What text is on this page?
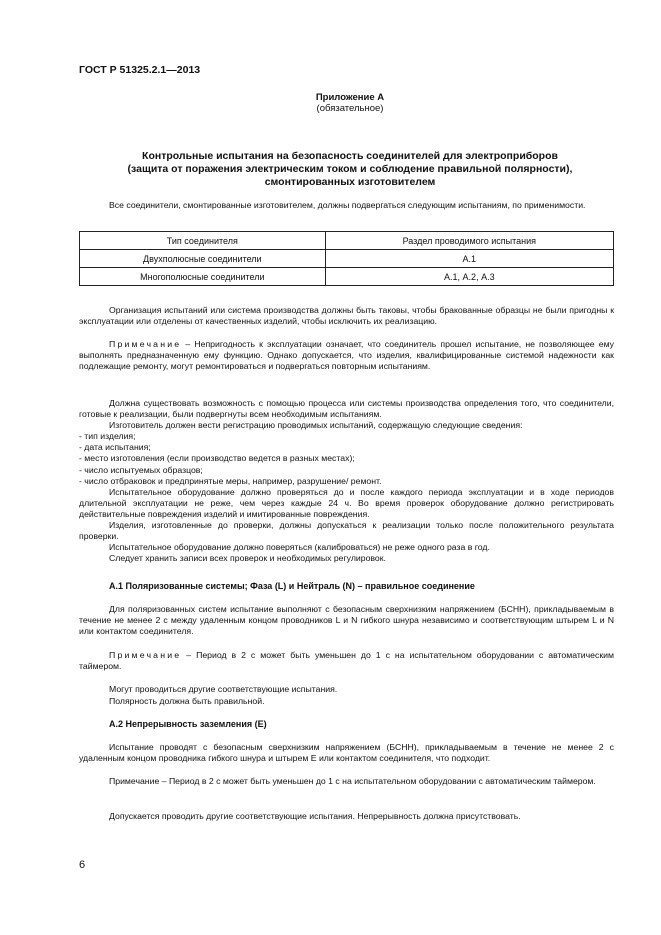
ГОСТ Р 51325.2.1—2013
Приложение А
(обязательное)
Контрольные испытания на безопасность соединителей для электроприборов
(защита от поражения электрическим током и соблюдение правильной полярности),
смонтированных изготовителем
Все соединители, смонтированные изготовителем, должны подвергаться следующим испытаниям, по применимости.
Тип соединителя	Раздел проводимого испытания
Двухполюсные соединители	А.1
Многополюсные соединители	А.1, А.2, А.3
Организация испытаний или система производства должны быть таковы, чтобы бракованные образцы не были пригодны к эксплуатации или отделены от качественных изделий, чтобы исключить их реализацию.
Примечание – Непригодность к эксплуатации означает, что соединитель прошел испытание, не позволяющее ему выполнять предназначенную ему функцию. Однако допускается, что изделия, квалифицированные системой надежности как подлежащие ремонту, могут ремонтироваться и подвергаться повторным испытаниям.
Должна существовать возможность с помощью процесса или системы производства определения того, что соединители, готовые к реализации, были подвергнуты всем необходимым испытаниям.
Изготовитель должен вести регистрацию проводимых испытаний, содержащую следующие сведения:
- тип изделия;
- дата испытания;
- место изготовления (если производство ведется в разных местах);
- число испытуемых образцов;
- число отбраковок и предпринятые меры, например, разрушение/ ремонт.
Испытательное оборудование должно проверяться до и после каждого периода эксплуатации и в ходе периодов длительной эксплуатации не реже, чем через каждые 24 ч. Во время проверок оборудование должно регистрировать действительные повреждения изделий и имитированные повреждения.
Изделия, изготовленные до проверки, должны допускаться к реализации только после положительного результата проверки.
Испытательное оборудование должно поверяться (калиброваться) не реже одного раза в год.
Следует хранить записи всех проверок и необходимых регулировок.
А.1 Поляризованные системы; Фаза (L) и Нейтраль (N) – правильное соединение
Для поляризованных систем испытание выполняют с безопасным сверхнизким напряжением (БСНН), прикладываемым в течение не менее 2 с между удаленным концом проводников L и N гибкого шнура независимо и соответствующим штырем L и N или контактом соединителя.
Примечание – Период в 2 с может быть уменьшен до 1 с на испытательном оборудовании с автоматическим таймером.
Могут проводиться другие соответствующие испытания.
Полярность должна быть правильной.
А.2 Непрерывность заземления (Е)
Испытание проводят с безопасным сверхнизким напряжением (БСНН), прикладываемым в течение не менее 2 с удаленным концом проводника гибкого шнура и штырем Е или контактом соединителя, что подходит.
Примечание – Период в 2 с может быть уменьшен до 1 с на испытательном оборудовании с автоматическим таймером.
Допускается проводить другие соответствующие испытания. Непрерывность должна присутствовать.
6
